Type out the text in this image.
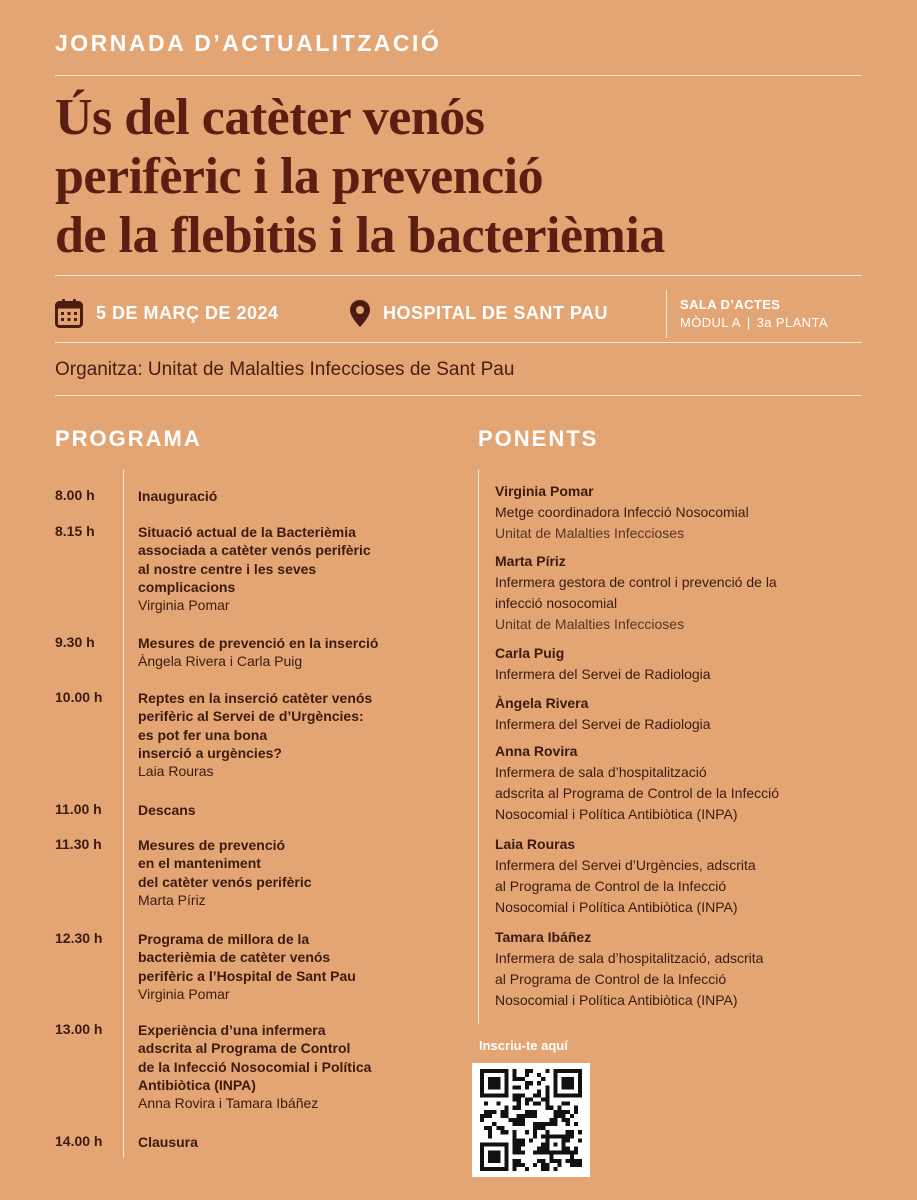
JORNADA D’ACTUALITZACIÓ
Ús del catèter venós
perifèric i la prevenció
de la flebitis i la bacterièmia
5 DE MARÇ DE 2024	HOSPITAL DE SANT PAU	SALA D’ACTES
MÒDUL A | 3a PLANTA
Organitza: Unitat de Malalties Infeccioses de Sant Pau
PROGRAMA	PONENTS
8.00 h	Inauguració
8.15 h	Situació actual de la Bacterièmia
associada a catèter venós perifèric
al nostre centre i les seves
complicacions
Virginia Pomar
9.30 h	Mesures de prevenció en la inserció
Àngela Rivera i Carla Puig
10.00 h	Reptes en la inserció catèter venós
perifèric al Servei de d’Urgències:
es pot fer una bona
inserció a urgències?
Laia Rouras
11.00 h	Descans
11.30 h	Mesures de prevenció
en el manteniment
del catèter venós perifèric
Marta Píriz
12.30 h	Programa de millora de la
bacterièmia de catèter venós
perifèric a l’Hospital de Sant Pau
Virginia Pomar
13.00 h	Experiència d’una infermera
adscrita al Programa de Control
de la Infecció Nosocomial i Política
Antibiòtica (INPA)
Anna Rovira i Tamara Ibáñez
14.00 h	Clausura
Virginia Pomar
Metge coordinadora Infecció Nosocomial
Unitat de Malalties Infeccioses
Marta Píriz
Infermera gestora de control i prevenció de la
infecció nosocomial
Unitat de Malalties Infeccioses
Carla Puig
Infermera del Servei de Radiologia
Àngela Rivera
Infermera del Servei de Radiologia
Anna Rovira
Infermera de sala d’hospitalització
adscrita al Programa de Control de la Infecció
Nosocomial i Política Antibiòtica (INPA)
Laia Rouras
Infermera del Servei d’Urgències, adscrita
al Programa de Control de la Infecció
Nosocomial i Política Antibiòtica (INPA)
Tamara Ibáñez
Infermera de sala d’hospitalització, adscrita
al Programa de Control de la Infecció
Nosocomial i Política Antibiòtica (INPA)
Inscriu-te aquí
